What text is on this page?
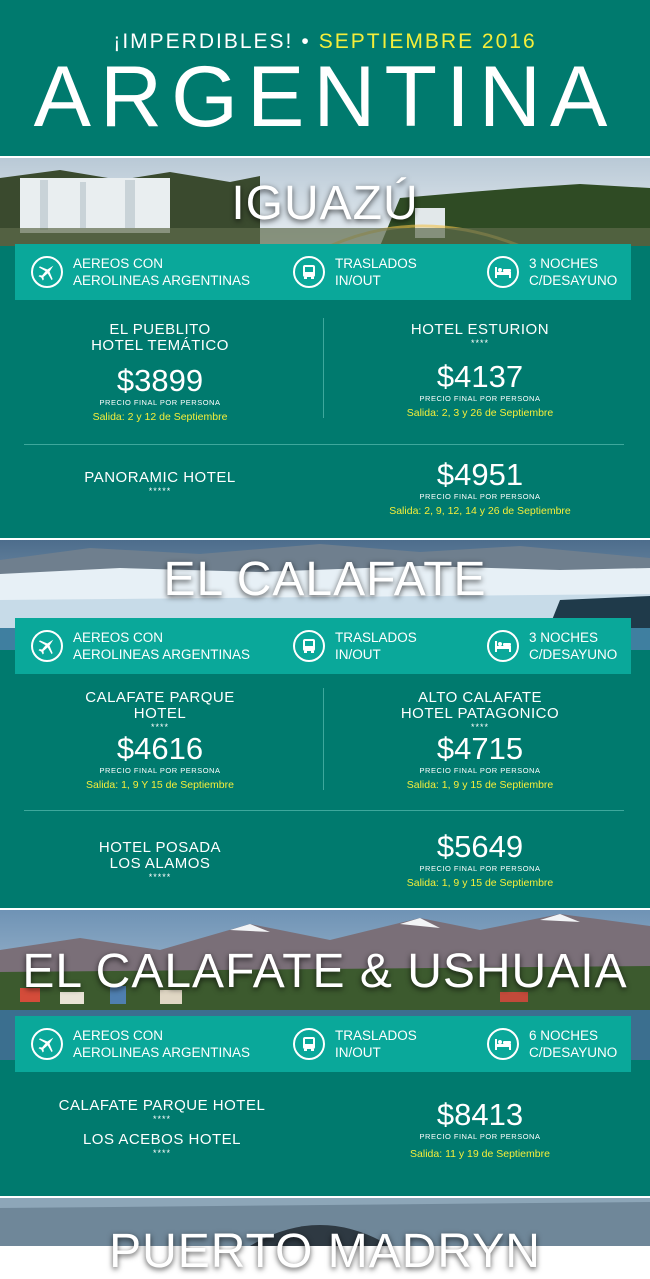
¡IMPERDIBLES! • SEPTIEMBRE 2016
ARGENTINA
IGUAZÚ
AEREOS CON
AEROLINEAS ARGENTINAS
TRASLADOS
IN/OUT
3 NOCHES
C/DESAYUNO
EL PUEBLITO
HOTEL TEMÁTICO
$3899
PRECIO FINAL POR PERSONA
Salida: 2 y 12 de Septiembre
HOTEL ESTURION
****
$4137
PRECIO FINAL POR PERSONA
Salida: 2, 3 y 26 de Septiembre
PANORAMIC HOTEL
*****	$4951
PRECIO FINAL POR PERSONA
Salida: 2, 9, 12, 14 y 26 de Septiembre
EL CALAFATE
AEREOS CON
AEROLINEAS ARGENTINAS
TRASLADOS
IN/OUT
3 NOCHES
C/DESAYUNO
CALAFATE PARQUE
HOTEL
****
$4616
PRECIO FINAL POR PERSONA
Salida: 1, 9 Y 15 de Septiembre
ALTO CALAFATE
HOTEL PATAGONICO
****
$4715
PRECIO FINAL POR PERSONA
Salida: 1, 9 y 15 de Septiembre
HOTEL POSADA
LOS ALAMOS
*****
$5649
PRECIO FINAL POR PERSONA
Salida: 1, 9 y 15 de Septiembre
EL CALAFATE & USHUAIA
AEREOS CON
AEROLINEAS ARGENTINAS
TRASLADOS
IN/OUT
6 NOCHES
C/DESAYUNO
CALAFATE PARQUE HOTEL
****
LOS ACEBOS HOTEL
****
$8413
PRECIO FINAL POR PERSONA
Salida: 11 y 19 de Septiembre
PUERTO MADRYN
